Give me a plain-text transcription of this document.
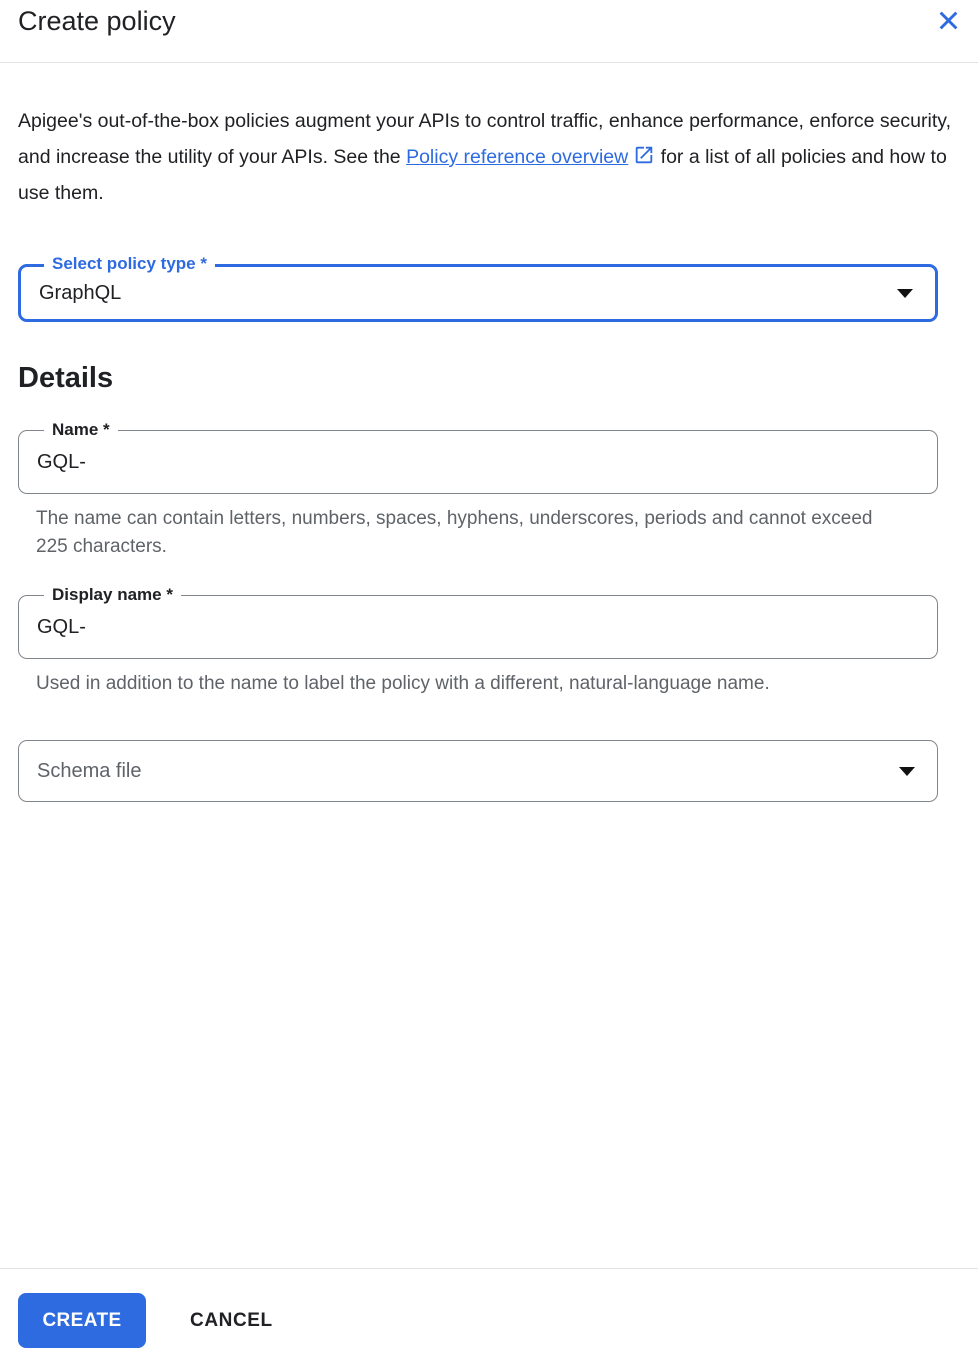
Create policy

Apigee's out-of-the-box policies augment your APIs to control traffic, enhance performance, enforce security, and increase the utility of your APIs. See the Policy reference overview
for a list of all policies and how to use them.

Select policy type *
GraphQL
Details
Name *
GQL-

The name can contain letters, numbers, spaces, hyphens, underscores, periods and cannot exceed 225 characters.

Display name *
GQL-

Used in addition to the name to label the policy with a different, natural-language name.

Schema file
CREATE	CANCEL
